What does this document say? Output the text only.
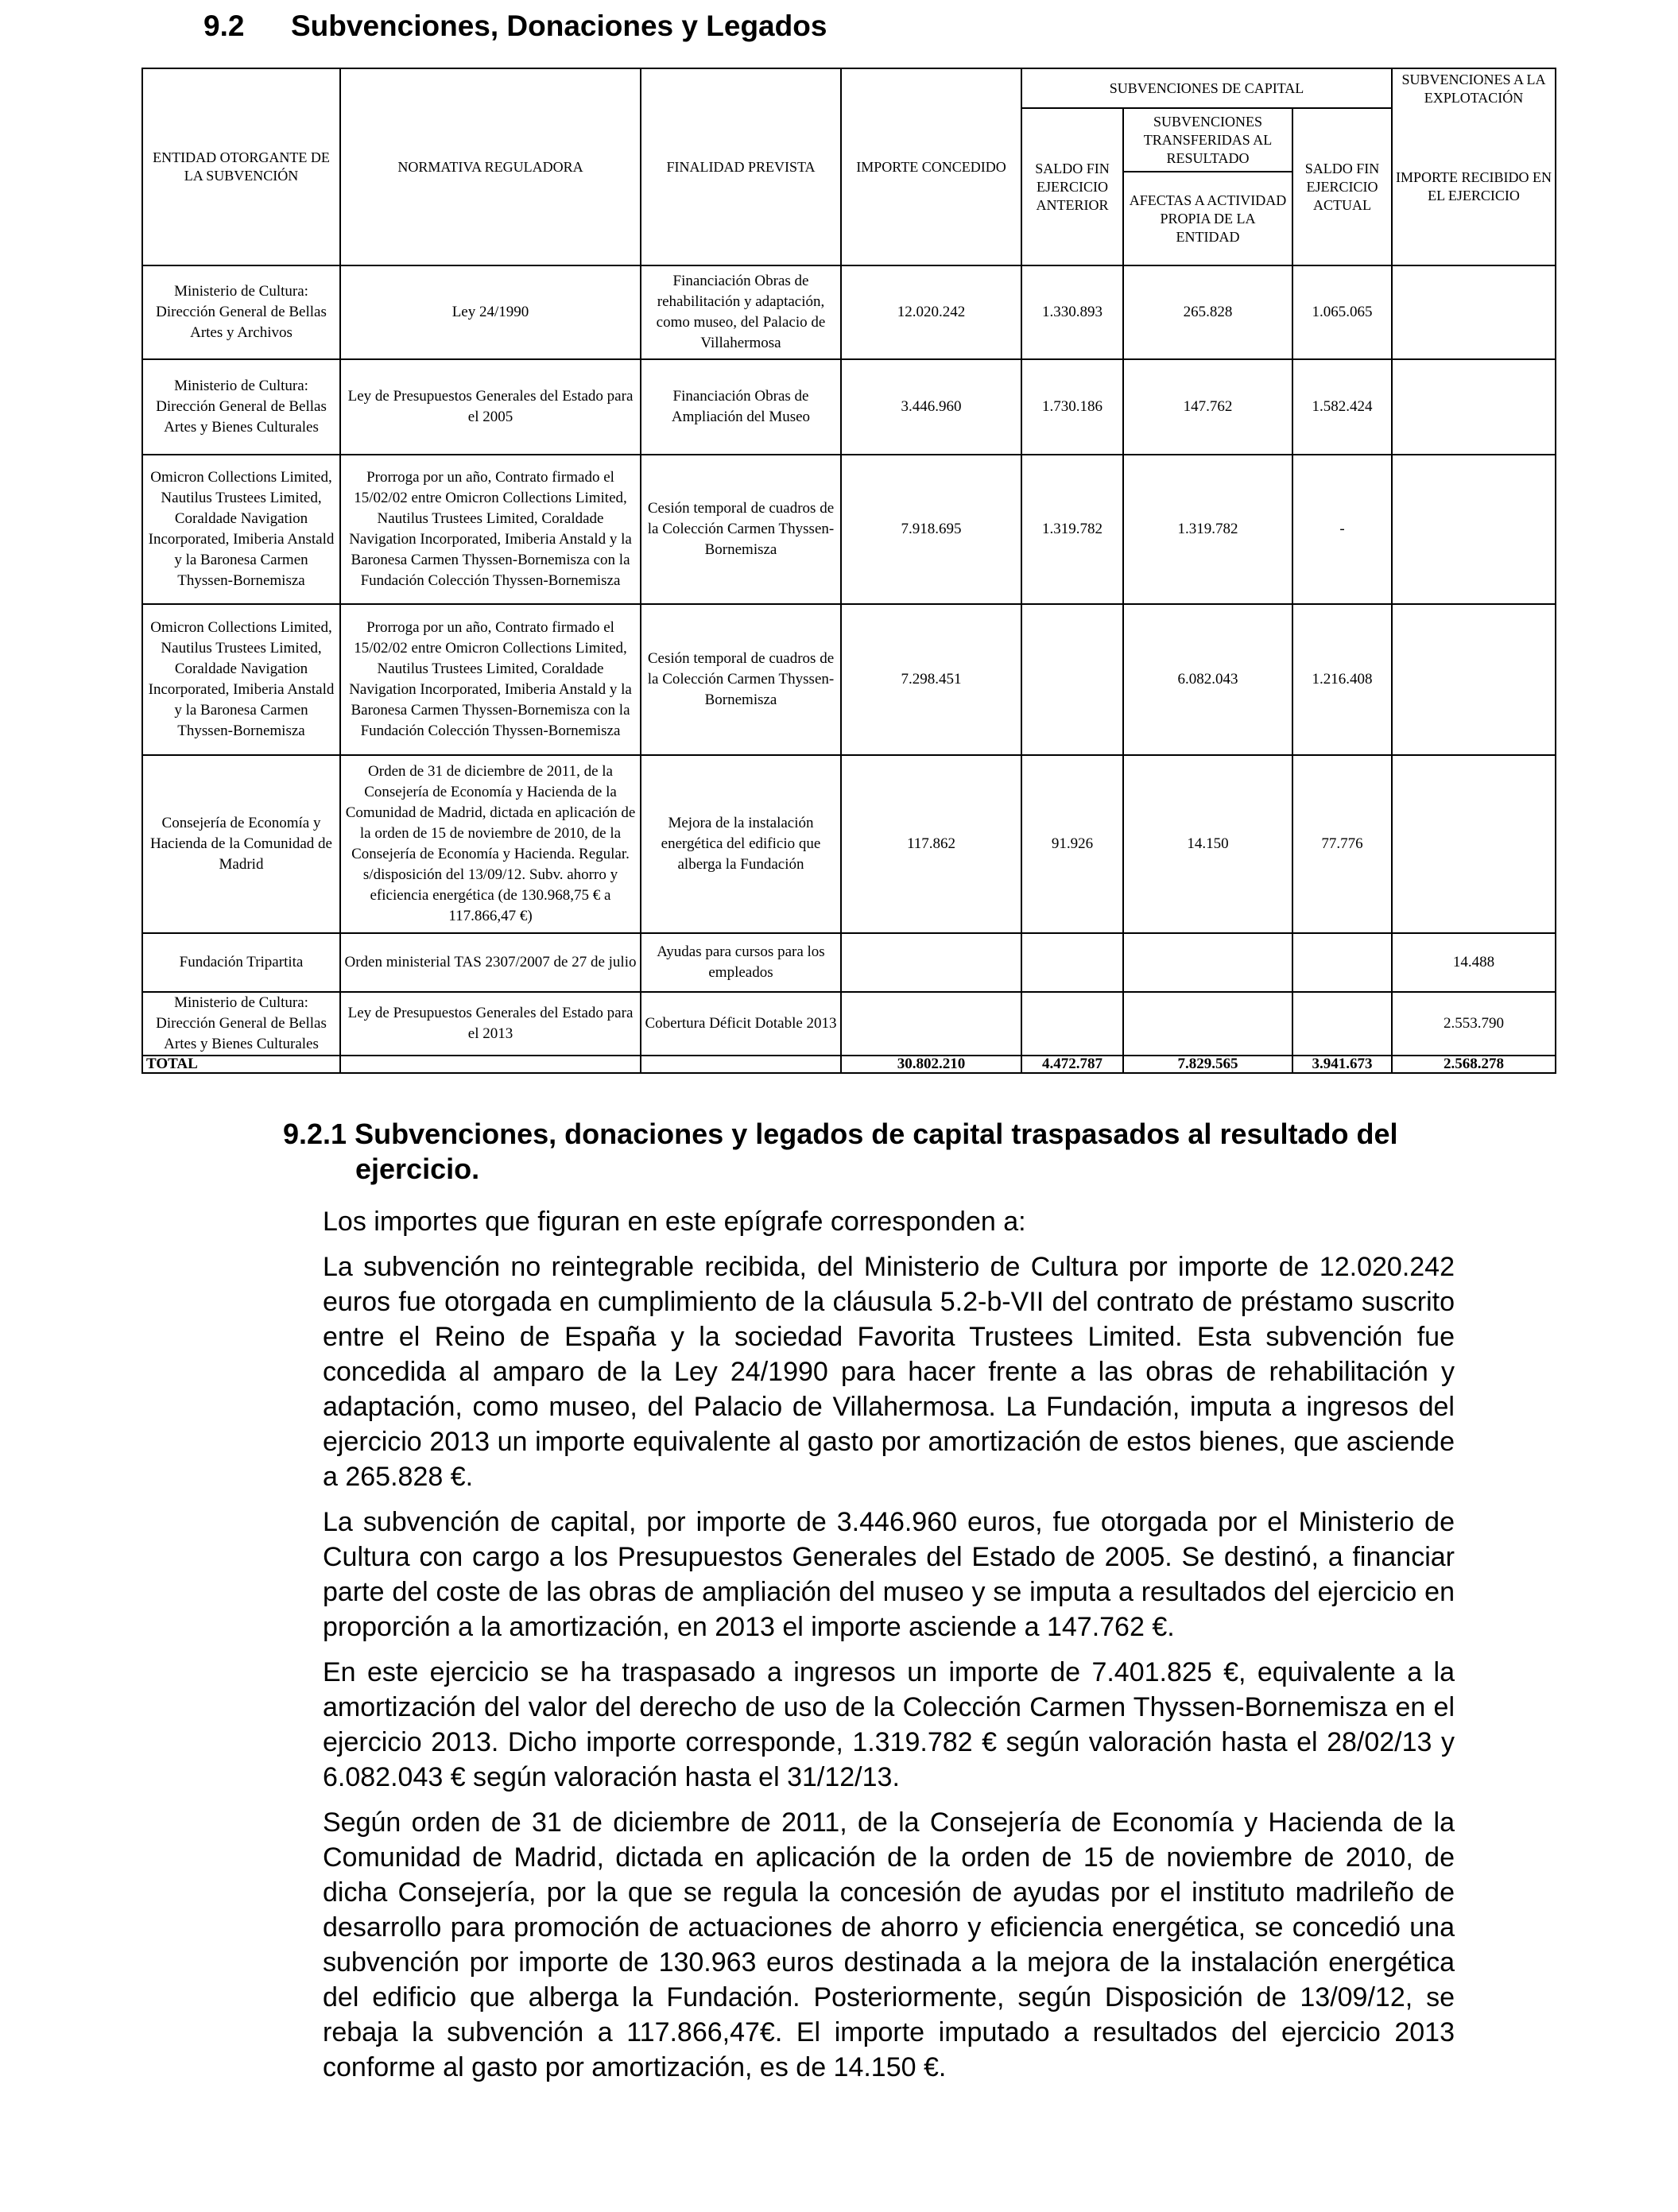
9.2 Subvenciones, Donaciones y Legados
ENTIDAD OTORGANTE DE LA SUBVENCIÓN	NORMATIVA REGULADORA	FINALIDAD PREVISTA	IMPORTE CONCEDIDO	SUBVENCIONES DE CAPITAL			SUBVENCIONES A LA EXPLOTACIÓN
				SALDO FIN EJERCICIO ANTERIOR	SUBVENCIONES TRANSFERIDAS AL RESULTADO	SALDO FIN EJERCICIO ACTUAL	IMPORTE RECIBIDO EN EL EJERCICIO
					AFECTAS A ACTIVIDAD PROPIA DE LA ENTIDAD		
Ministerio de Cultura: Dirección General de Bellas Artes y Archivos	Ley 24/1990	Financiación Obras de rehabilitación y adaptación, como museo, del Palacio de Villahermosa	12.020.242	1.330.893	265.828	1.065.065	
Ministerio de Cultura: Dirección General de Bellas Artes y Bienes Culturales	Ley de Presupuestos Generales del Estado para el 2005	Financiación Obras de Ampliación del Museo	3.446.960	1.730.186	147.762	1.582.424	
Omicron Collections Limited, Nautilus Trustees Limited, Coraldade Navigation Incorporated, Imiberia Anstald y la Baronesa Carmen Thyssen-Bornemisza	Prorroga por un año, Contrato firmado el 15/02/02 entre Omicron Collections Limited, Nautilus Trustees Limited, Coraldade Navigation Incorporated, Imiberia Anstald y la Baronesa Carmen Thyssen-Bornemisza con la Fundación Colección Thyssen-Bornemisza	Cesión temporal de cuadros de la Colección Carmen Thyssen-Bornemisza	7.918.695	1.319.782	1.319.782	-	
Omicron Collections Limited, Nautilus Trustees Limited, Coraldade Navigation Incorporated, Imiberia Anstald y la Baronesa Carmen Thyssen-Bornemisza	Prorroga por un año, Contrato firmado el 15/02/02 entre Omicron Collections Limited, Nautilus Trustees Limited, Coraldade Navigation Incorporated, Imiberia Anstald y la Baronesa Carmen Thyssen-Bornemisza con la Fundación Colección Thyssen-Bornemisza	Cesión temporal de cuadros de la Colección Carmen Thyssen-Bornemisza	7.298.451		6.082.043	1.216.408	
Consejería de Economía y Hacienda de la Comunidad de Madrid	Orden de 31 de diciembre de 2011, de la Consejería de Economía y Hacienda de la Comunidad de Madrid, dictada en aplicación de la orden de 15 de noviembre de 2010, de la Consejería de Economía y Hacienda. Regular. s/disposición del 13/09/12. Subv. ahorro y eficiencia energética (de 130.968,75 € a 117.866,47 €)	Mejora de la instalación energética del edificio que alberga la Fundación	117.862	91.926	14.150	77.776	
Fundación Tripartita	Orden ministerial TAS 2307/2007 de 27 de julio	Ayudas para cursos para los empleados					14.488
Ministerio de Cultura: Dirección General de Bellas Artes y Bienes Culturales	Ley de Presupuestos Generales del Estado para el 2013	Cobertura Déficit Dotable 2013					2.553.790
TOTAL			30.802.210	4.472.787	7.829.565	3.941.673	2.568.278
9.2.1 Subvenciones, donaciones y legados de capital traspasados al resultado del
ejercicio.

Los importes que figuran en este epígrafe corresponden a:

La subvención no reintegrable recibida, del Ministerio de Cultura por importe de 12.020.242 euros fue otorgada en cumplimiento de la cláusula 5.2-b-VII del contrato de préstamo suscrito entre el Reino de España y la sociedad Favorita Trustees Limited. Esta subvención fue concedida al amparo de la Ley 24/1990 para hacer frente a las obras de rehabilitación y adaptación, como museo, del Palacio de Villahermosa. La Fundación, imputa a ingresos del ejercicio 2013 un importe equivalente al gasto por amortización de estos bienes, que asciende a 265.828 €.

La subvención de capital, por importe de 3.446.960 euros, fue otorgada por el Ministerio de Cultura con cargo a los Presupuestos Generales del Estado de 2005. Se destinó, a financiar parte del coste de las obras de ampliación del museo y se imputa a resultados del ejercicio en proporción a la amortización, en 2013 el importe asciende a 147.762 €.

En este ejercicio se ha traspasado a ingresos un importe de 7.401.825 €, equivalente a la amortización del valor del derecho de uso de la Colección Carmen Thyssen-Bornemisza en el ejercicio 2013. Dicho importe corresponde, 1.319.782 € según valoración hasta el 28/02/13 y 6.082.043 € según valoración hasta el 31/12/13.

Según orden de 31 de diciembre de 2011, de la Consejería de Economía y Hacienda de la Comunidad de Madrid, dictada en aplicación de la orden de 15 de noviembre de 2010, de dicha Consejería, por la que se regula la concesión de ayudas por el instituto madrileño de desarrollo para promoción de actuaciones de ahorro y eficiencia energética, se concedió una subvención por importe de 130.963 euros destinada a la mejora de la instalación energética del edificio que alberga la Fundación. Posteriormente, según Disposición de 13/09/12, se rebaja la subvención a 117.866,47€. El importe imputado a resultados del ejercicio 2013 conforme al gasto por amortización, es de 14.150 €.
